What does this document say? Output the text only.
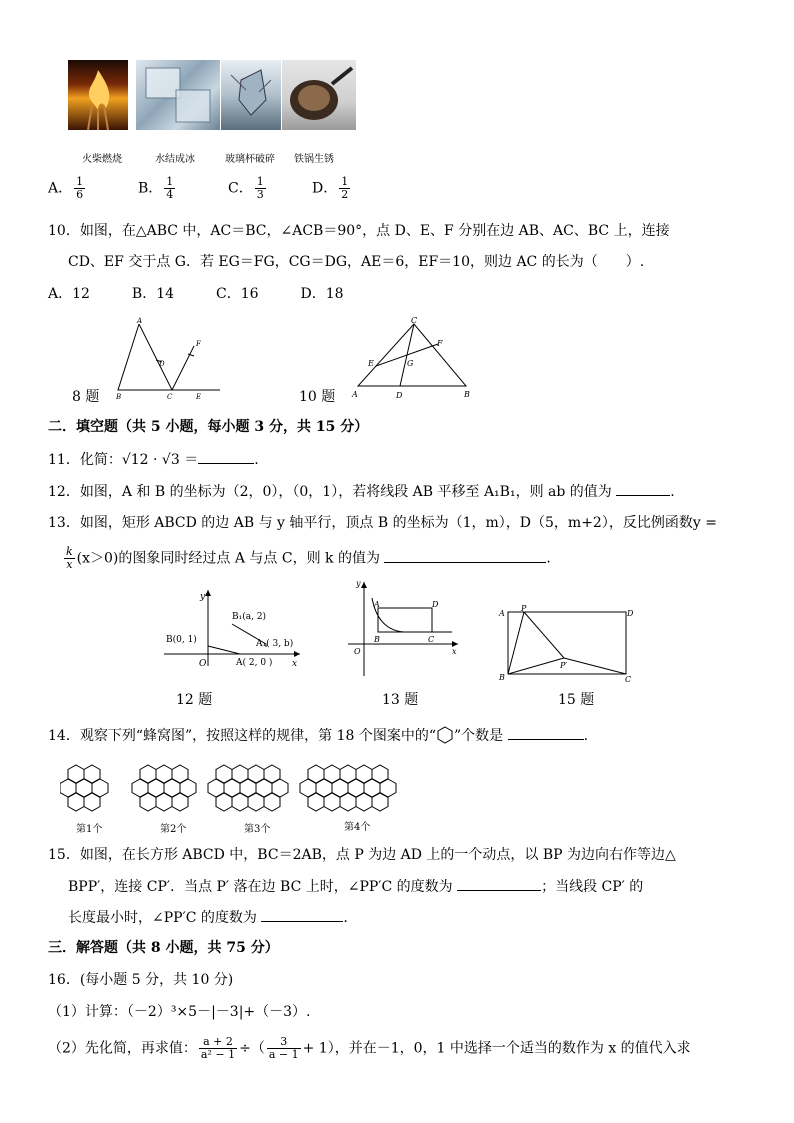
火柴燃烧	水结成冰	玻璃杯破碎 铁锅生锈
A． $\frac{1}{6}$	B． $\frac{1}{4}$	C． $\frac{1}{3}$	D． $\frac{1}{2}$
10．如图，在△ABC 中，AC＝BC，∠ACB＝90°，点 D、E、F 分别在边 AB、AC、BC 上，连接
CD、EF 交于点 G．若 EG＝FG，CG＝DG，AE＝6，EF＝10，则边 AC 的长为（　　）.
A．12　　　B．14　　　C．16　　　D．18
A
D
F
B	C	E
8 题
C
E
F
G
A	D	B
10 题
二．填空题（共 5 小题，每小题 3 分，共 15 分）
11．化简：√12 · √3 ＝	.
12．如图，A 和 B 的坐标为（2，0），（0，1），若将线段 AB 平移至 A₁B₁，则 ab 的值为	.
13．如图，矩形 ABCD 的边 AB 与 y 轴平行，顶点 B 的坐标为（1，m），D（5，m+2），反比例函数y =
$\frac{k}{x} (x>0)$的图象同时经过点 A 与点 C，则 k 的值为	.
y
B₁(a, 2)
B(0, 1)	A₁( 3, b)
O	A( 2, 0 ) x
12 题
y
A	D
B	C
O	x
13 题
P
D
A
P′
B	C
15 题
14．观察下列“蜂窝图”，按照这样的规律，第 18 个图案中的“ ”个数是	.
第1个	第2个	第3个	第4个
15．如图，在长方形 ABCD 中，BC＝2AB，点 P 为边 AD 上的一个动点，以 BP 为边向右作等边△
BPP′，连接 CP′．当点 P′ 落在边 BC 上时，∠PP′C 的度数为	；当线段 CP′ 的
长度最小时，∠PP′C 的度数为	.
三．解答题（共 8 小题，共 75 分）
16．(每小题 5 分，共 10 分)
（1）计算：（－2）³×5－|－3|+（－3）.
（2）先化简，再求值： $\frac{a + 2}{\text{a² − 1}}$ ÷（ $\frac{3}{a - 1} + 1$），并在－1，0，1 中选择一个适当的数作为 x 的值代入求
